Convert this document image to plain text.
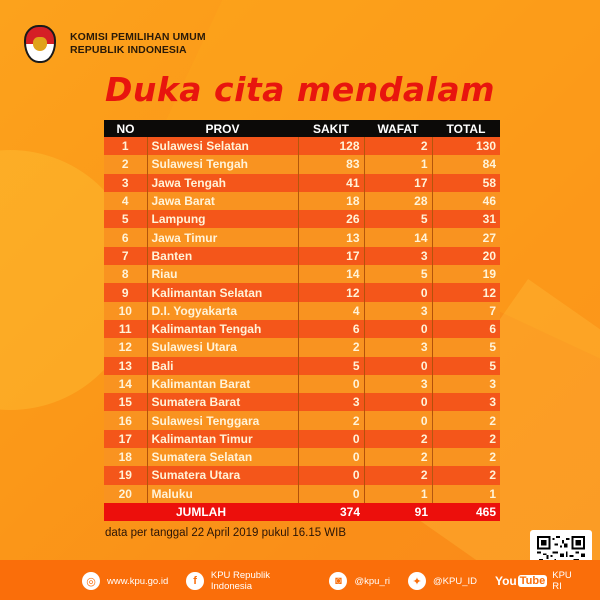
KOMISI PEMILIHAN UMUM
REPUBLIK INDONESIA
Duka cita mendalam
NO	PROV	SAKIT	WAFAT	TOTAL
1	Sulawesi Selatan	128	2	130
2	Sulawesi Tengah	83	1	84
3	Jawa Tengah	41	17	58
4	Jawa Barat	18	28	46
5	Lampung	26	5	31
6	Jawa Timur	13	14	27
7	Banten	17	3	20
8	Riau	14	5	19
9	Kalimantan Selatan	12	0	12
10	D.I. Yogyakarta	4	3	7
11	Kalimantan Tengah	6	0	6
12	Sulawesi Utara	2	3	5
13	Bali	5	0	5
14	Kalimantan Barat	0	3	3
15	Sumatera Barat	3	0	3
16	Sulawesi Tenggara	2	0	2
17	Kalimantan Timur	0	2	2
18	Sumatera Selatan	0	2	2
19	Sumatera Utara	0	2	2
20	Maluku	0	1	1
JUMLAH		374	91	465
data per tanggal 22 April 2019 pukul 16.15 WIB
◎	www.kpu.go.id	f	KPU Republik Indonesia	◙	@kpu_ri	✦	@KPU_ID You Tube KPU RI
